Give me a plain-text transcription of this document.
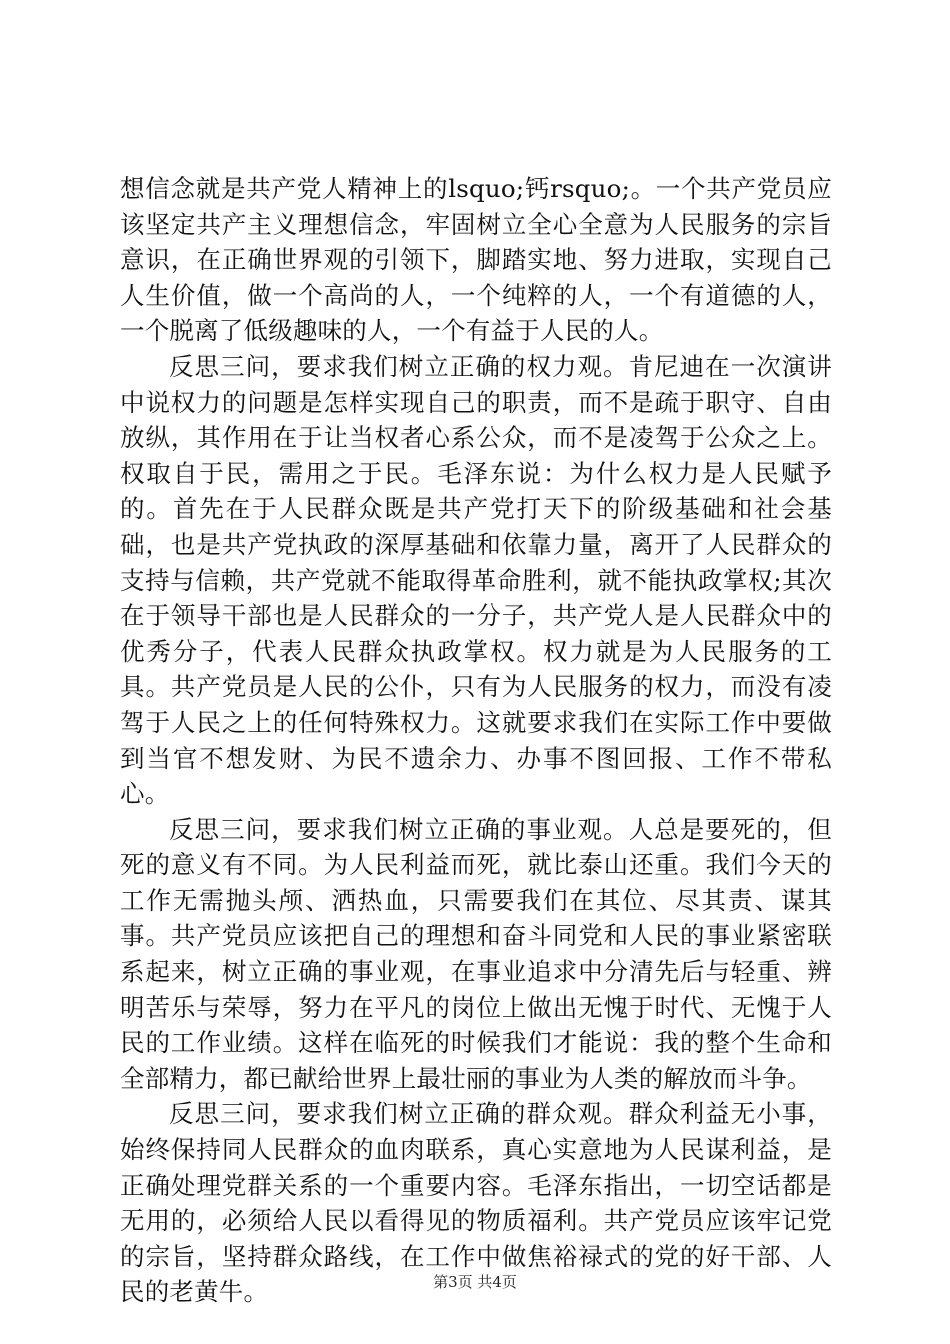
想信念就是共产党人精神上的lsquo;钙rsquo;。一个共产党员应该坚定共产主义理想信念，牢固树立全心全意为人民服务的宗旨意识，在正确世界观的引领下，脚踏实地、努力进取，实现自己人生价值，做一个高尚的人，一个纯粹的人，一个有道德的人，一个脱离了低级趣味的人，一个有益于人民的人。

反思三问，要求我们树立正确的权力观。肯尼迪在一次演讲中说权力的问题是怎样实现自己的职责，而不是疏于职守、自由放纵，其作用在于让当权者心系公众，而不是凌驾于公众之上。权取自于民，需用之于民。毛泽东说：为什么权力是人民赋予的。首先在于人民群众既是共产党打天下的阶级基础和社会基础，也是共产党执政的深厚基础和依靠力量，离开了人民群众的支持与信赖，共产党就不能取得革命胜利，就不能执政掌权;其次在于领导干部也是人民群众的一分子，共产党人是人民群众中的优秀分子，代表人民群众执政掌权。权力就是为人民服务的工具。共产党员是人民的公仆，只有为人民服务的权力，而没有凌驾于人民之上的任何特殊权力。这就要求我们在实际工作中要做到当官不想发财、为民不遗余力、办事不图回报、工作不带私心。

反思三问，要求我们树立正确的事业观。人总是要死的，但死的意义有不同。为人民利益而死，就比泰山还重。我们今天的工作无需抛头颅、洒热血，只需要我们在其位、尽其责、谋其事。共产党员应该把自己的理想和奋斗同党和人民的事业紧密联系起来，树立正确的事业观，在事业追求中分清先后与轻重、辨明苦乐与荣辱，努力在平凡的岗位上做出无愧于时代、无愧于人民的工作业绩。这样在临死的时候我们才能说：我的整个生命和全部精力，都已献给世界上最壮丽的事业为人类的解放而斗争。

反思三问，要求我们树立正确的群众观。群众利益无小事，始终保持同人民群众的血肉联系，真心实意地为人民谋利益，是正确处理党群关系的一个重要内容。毛泽东指出，一切空话都是无用的，必须给人民以看得见的物质福利。共产党员应该牢记党的宗旨，坚持群众路线，在工作中做焦裕禄式的党的好干部、人民的老黄牛。	第3页 共4页
